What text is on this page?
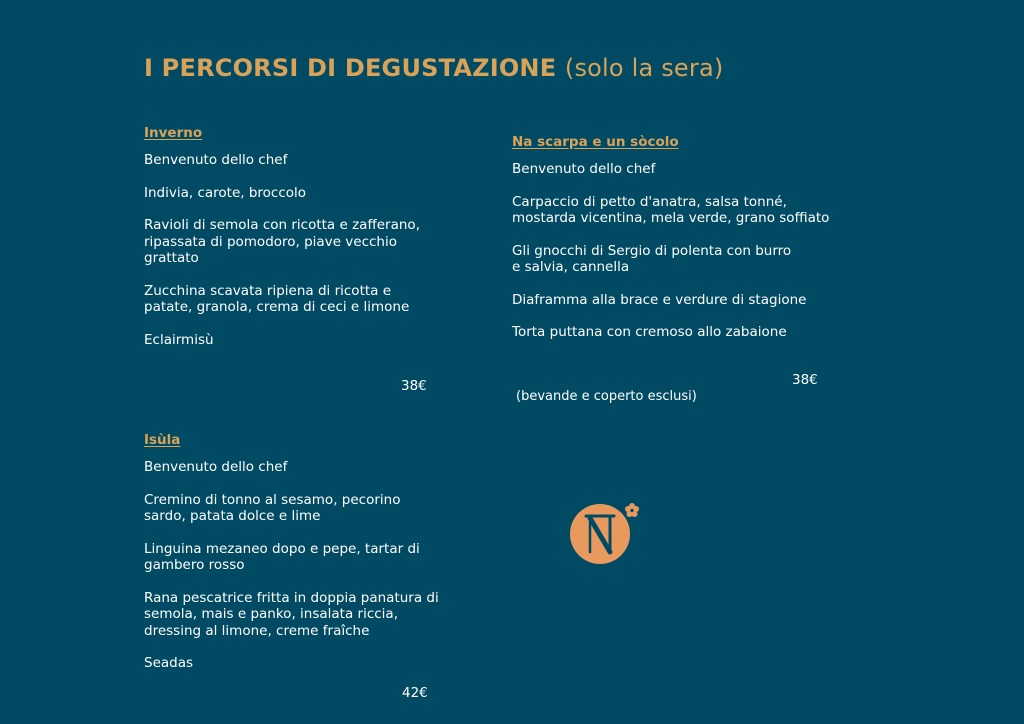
I PERCORSI DI DEGUSTAZIONE (solo la sera)
Inverno
Benvenuto dello chef
Indivia, carote, broccolo
Ravioli di semola con ricotta e zafferano,
ripassata di pomodoro, piave vecchio
grattato
Zucchina scavata ripiena di ricotta e
patate, granola, crema di ceci e limone
Eclairmisù
38€
Na scarpa e un sòcolo
Benvenuto dello chef
Carpaccio di petto d'anatra, salsa tonné,
mostarda vicentina, mela verde, grano soffiato
Gli gnocchi di Sergio di polenta con burro
e salvia, cannella
Diaframma alla brace e verdure di stagione
Torta puttana con cremoso allo zabaione
38€
(bevande e coperto esclusi)
Isùla
Benvenuto dello chef
Cremino di tonno al sesamo, pecorino
sardo, patata dolce e lime
Linguina mezaneo dopo e pepe, tartar di
gambero rosso
Rana pescatrice fritta in doppia panatura di
semola, mais e panko, insalata riccia,
dressing al limone, creme fraîche
Seadas
42€
